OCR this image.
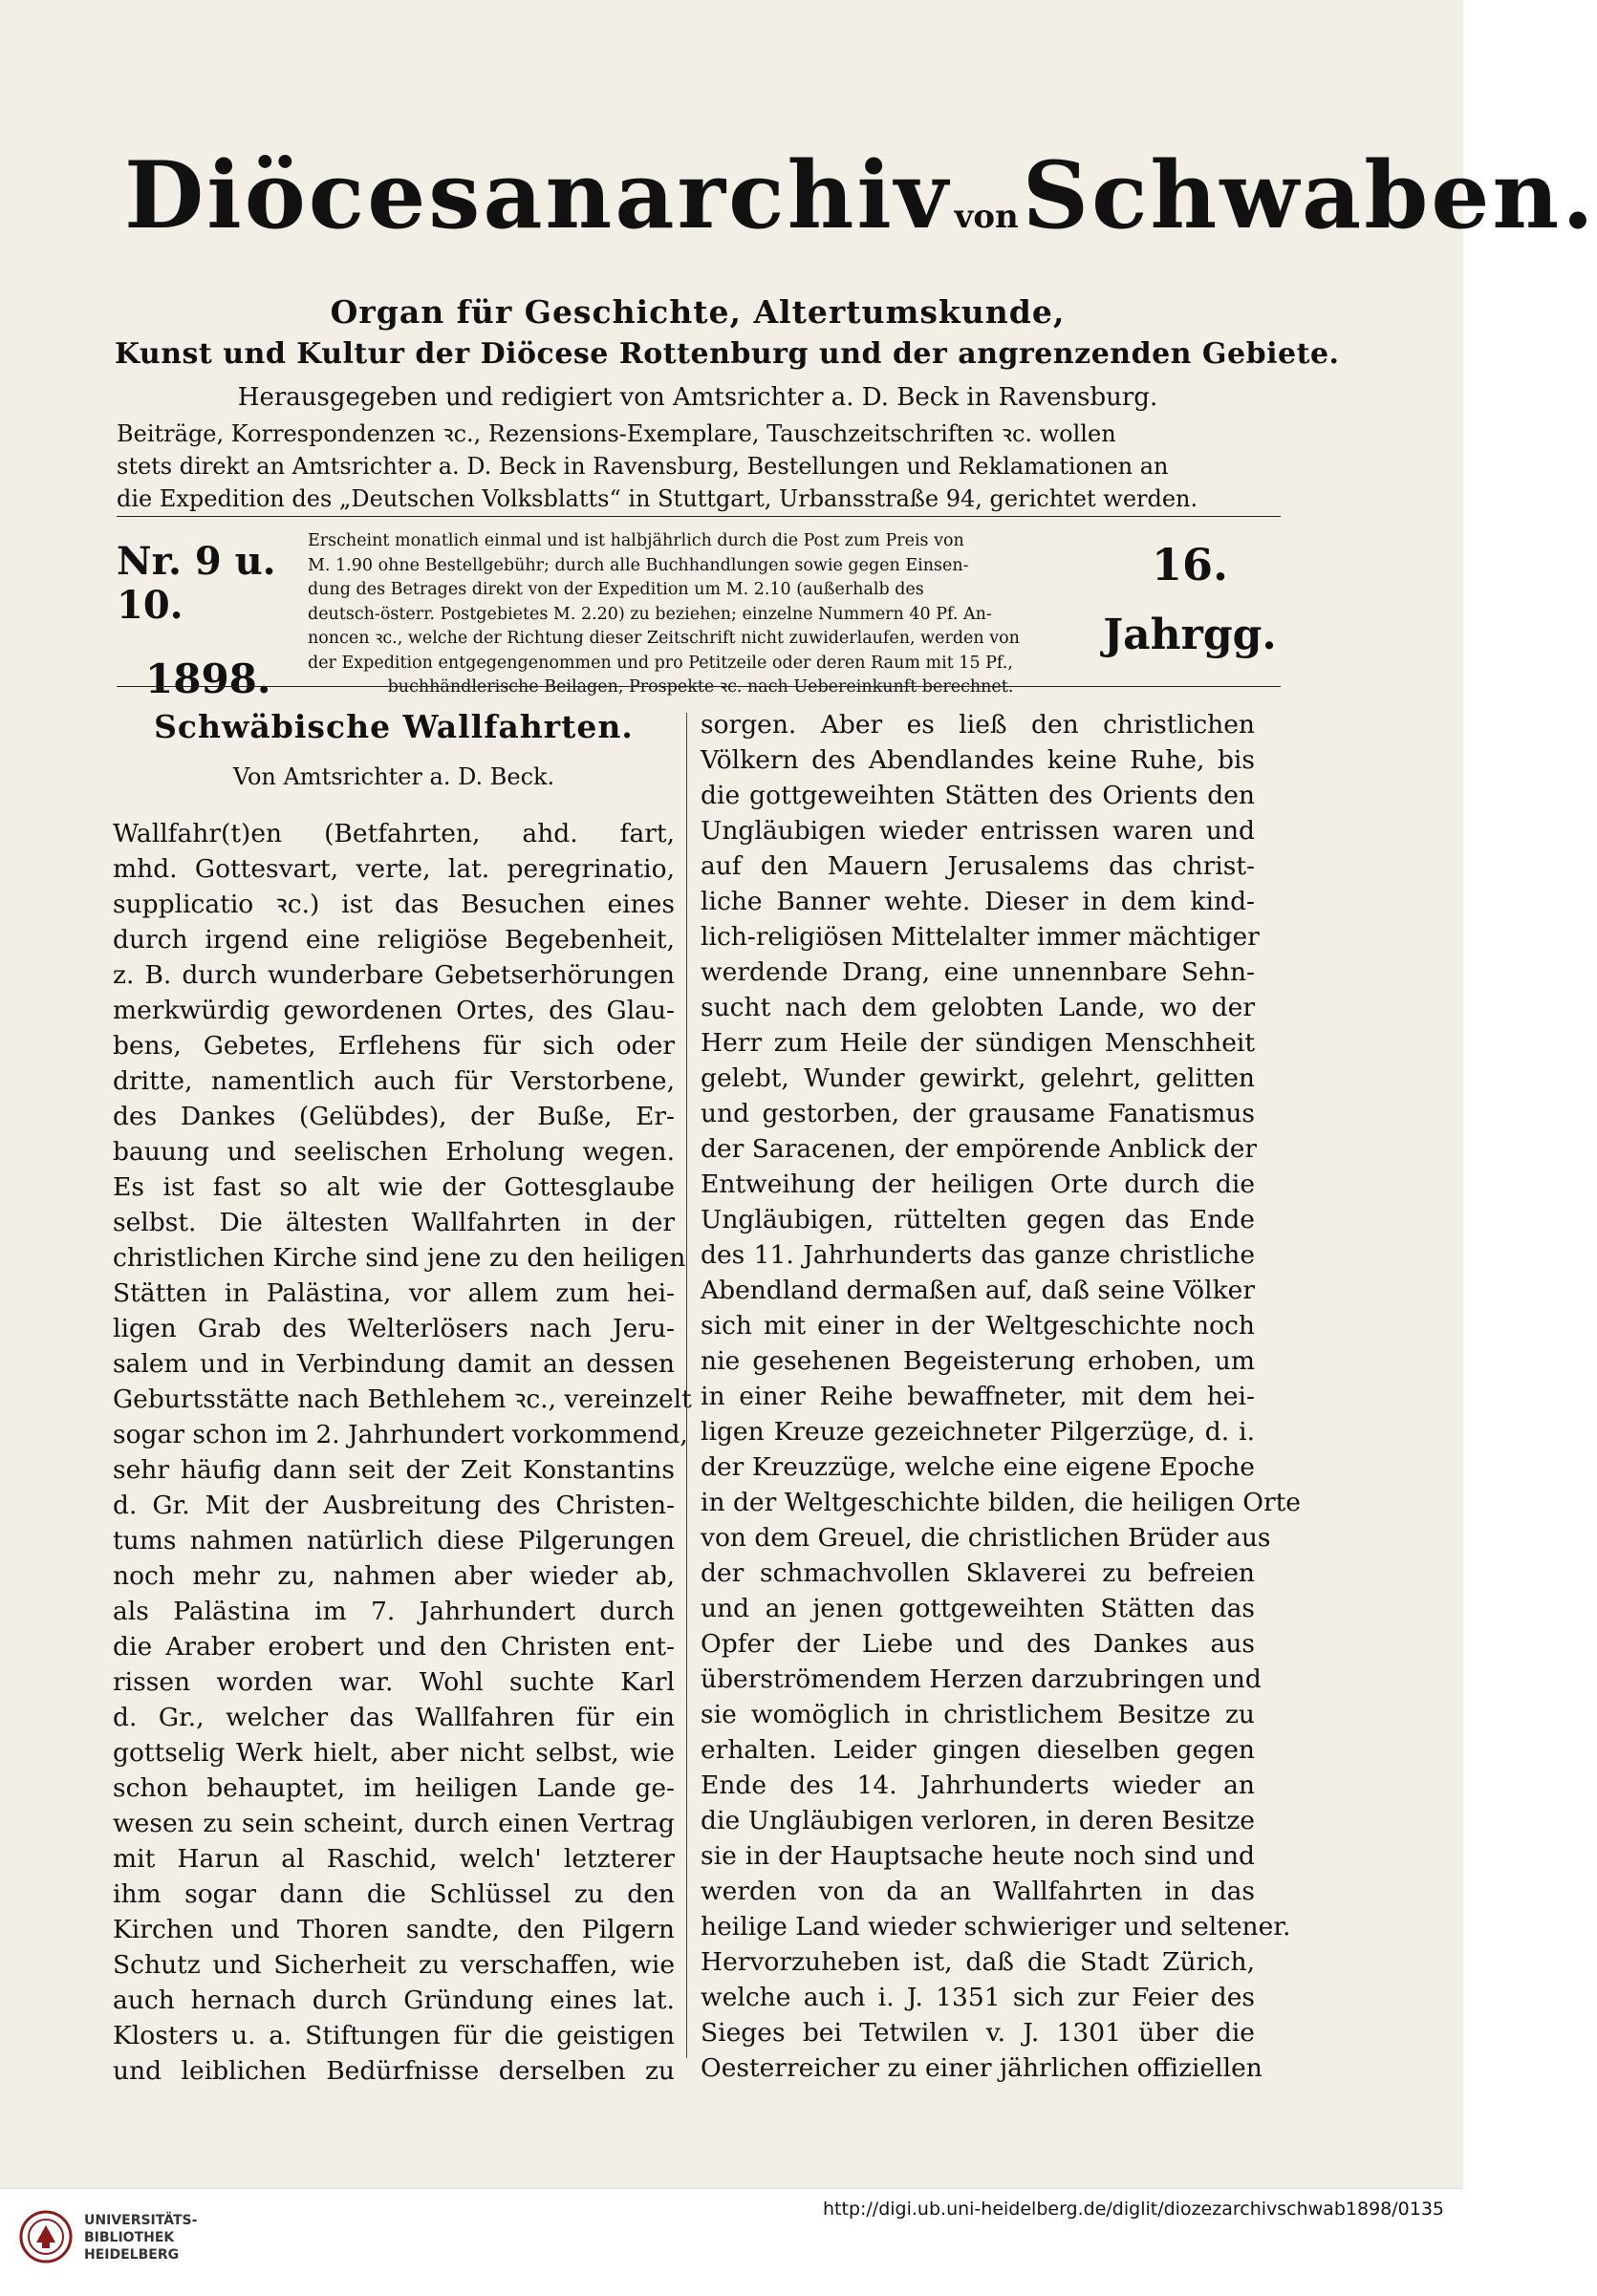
Diöcesanarchiv vonSchwaben.
Organ für Geschichte, Altertumskunde,
Kunst und Kultur der Diöcese Rottenburg und der angrenzenden Gebiete.
Herausgegeben und redigiert von Amtsrichter a. D. Beck in Ravensburg.
Beiträge, Korrespondenzen ꝛc., Rezensions-Exemplare, Tauschzeitschriften ꝛc. wollen
stets direkt an Amtsrichter a. D. Beck in Ravensburg, Bestellungen und Reklamationen an
die Expedition des „Deutschen Volksblatts“ in Stuttgart, Urbansstraße 94, gerichtet werden.
Nr. 9 u. 10.
1898.
Erscheint monatlich einmal und ist halbjährlich durch die Post zum Preis von
M. 1.90 ohne Bestellgebühr; durch alle Buchhandlungen sowie gegen Einsen-
dung des Betrages direkt von der Expedition um M. 2.10 (außerhalb des
deutsch-österr. Postgebietes M. 2.20) zu beziehen; einzelne Nummern 40 Pf. An-
noncen ꝛc., welche der Richtung dieser Zeitschrift nicht zuwiderlaufen, werden von
der Expedition entgegengenommen und pro Petitzeile oder deren Raum mit 15 Pf.,
buchhändlerische Beilagen, Prospekte ꝛc. nach Uebereinkunft berechnet.
16.
Jahrgg.
Schwäbische Wallfahrten.

Von Amtsrichter a. D. Beck.

Wallfahr(t)en (Betfahrten, ahd. fart,
mhd. Gottesvart, verte, lat. peregrinatio,
supplicatio ꝛc.) ist das Besuchen eines
durch irgend eine religiöse Begebenheit,
z. B. durch wunderbare Gebetserhörungen
merkwürdig gewordenen Ortes, des Glau-
bens, Gebetes, Erflehens für sich oder
dritte, namentlich auch für Verstorbene,
des Dankes (Gelübdes), der Buße, Er-
bauung und seelischen Erholung wegen.
Es ist fast so alt wie der Gottesglaube
selbst. Die ältesten Wallfahrten in der
christlichen Kirche sind jene zu den heiligen
Stätten in Palästina, vor allem zum hei-
ligen Grab des Welterlösers nach Jeru-
salem und in Verbindung damit an dessen
Geburtsstätte nach Bethlehem ꝛc., vereinzelt
sogar schon im 2. Jahrhundert vorkommend,
sehr häufig dann seit der Zeit Konstantins
d. Gr. Mit der Ausbreitung des Christen-
tums nahmen natürlich diese Pilgerungen
noch mehr zu, nahmen aber wieder ab,
als Palästina im 7. Jahrhundert durch
die Araber erobert und den Christen ent-
rissen worden war. Wohl suchte Karl
d. Gr., welcher das Wallfahren für ein
gottselig Werk hielt, aber nicht selbst, wie
schon behauptet, im heiligen Lande ge-
wesen zu sein scheint, durch einen Vertrag
mit Harun al Raschid, welch' letzterer
ihm sogar dann die Schlüssel zu den
Kirchen und Thoren sandte, den Pilgern
Schutz und Sicherheit zu verschaffen, wie
auch hernach durch Gründung eines lat.
Klosters u. a. Stiftungen für die geistigen
und leiblichen Bedürfnisse derselben zu
sorgen. Aber es ließ den christlichen
Völkern des Abendlandes keine Ruhe, bis
die gottgeweihten Stätten des Orients den
Ungläubigen wieder entrissen waren und
auf den Mauern Jerusalems das christ-
liche Banner wehte. Dieser in dem kind-
lich-religiösen Mittelalter immer mächtiger
werdende Drang, eine unnennbare Sehn-
sucht nach dem gelobten Lande, wo der
Herr zum Heile der sündigen Menschheit
gelebt, Wunder gewirkt, gelehrt, gelitten
und gestorben, der grausame Fanatismus
der Saracenen, der empörende Anblick der
Entweihung der heiligen Orte durch die
Ungläubigen, rüttelten gegen das Ende
des 11. Jahrhunderts das ganze christliche
Abendland dermaßen auf, daß seine Völker
sich mit einer in der Weltgeschichte noch
nie gesehenen Begeisterung erhoben, um
in einer Reihe bewaffneter, mit dem hei-
ligen Kreuze gezeichneter Pilgerzüge, d. i.
der Kreuzzüge, welche eine eigene Epoche
in der Weltgeschichte bilden, die heiligen Orte
von dem Greuel, die christlichen Brüder aus
der schmachvollen Sklaverei zu befreien
und an jenen gottgeweihten Stätten das
Opfer der Liebe und des Dankes aus
überströmendem Herzen darzubringen und
sie womöglich in christlichem Besitze zu
erhalten. Leider gingen dieselben gegen
Ende des 14. Jahrhunderts wieder an
die Ungläubigen verloren, in deren Besitze
sie in der Hauptsache heute noch sind und
werden von da an Wallfahrten in das
heilige Land wieder schwieriger und seltener.
Hervorzuheben ist, daß die Stadt Zürich,
welche auch i. J. 1351 sich zur Feier des
Sieges bei Tetwilen v. J. 1301 über die
Oesterreicher zu einer jährlichen offiziellen
UNIVERSITÄTS-
BIBLIOTHEK
HEIDELBERG
http://digi.ub.uni-heidelberg.de/diglit/diozezarchivschwab1898/0135
